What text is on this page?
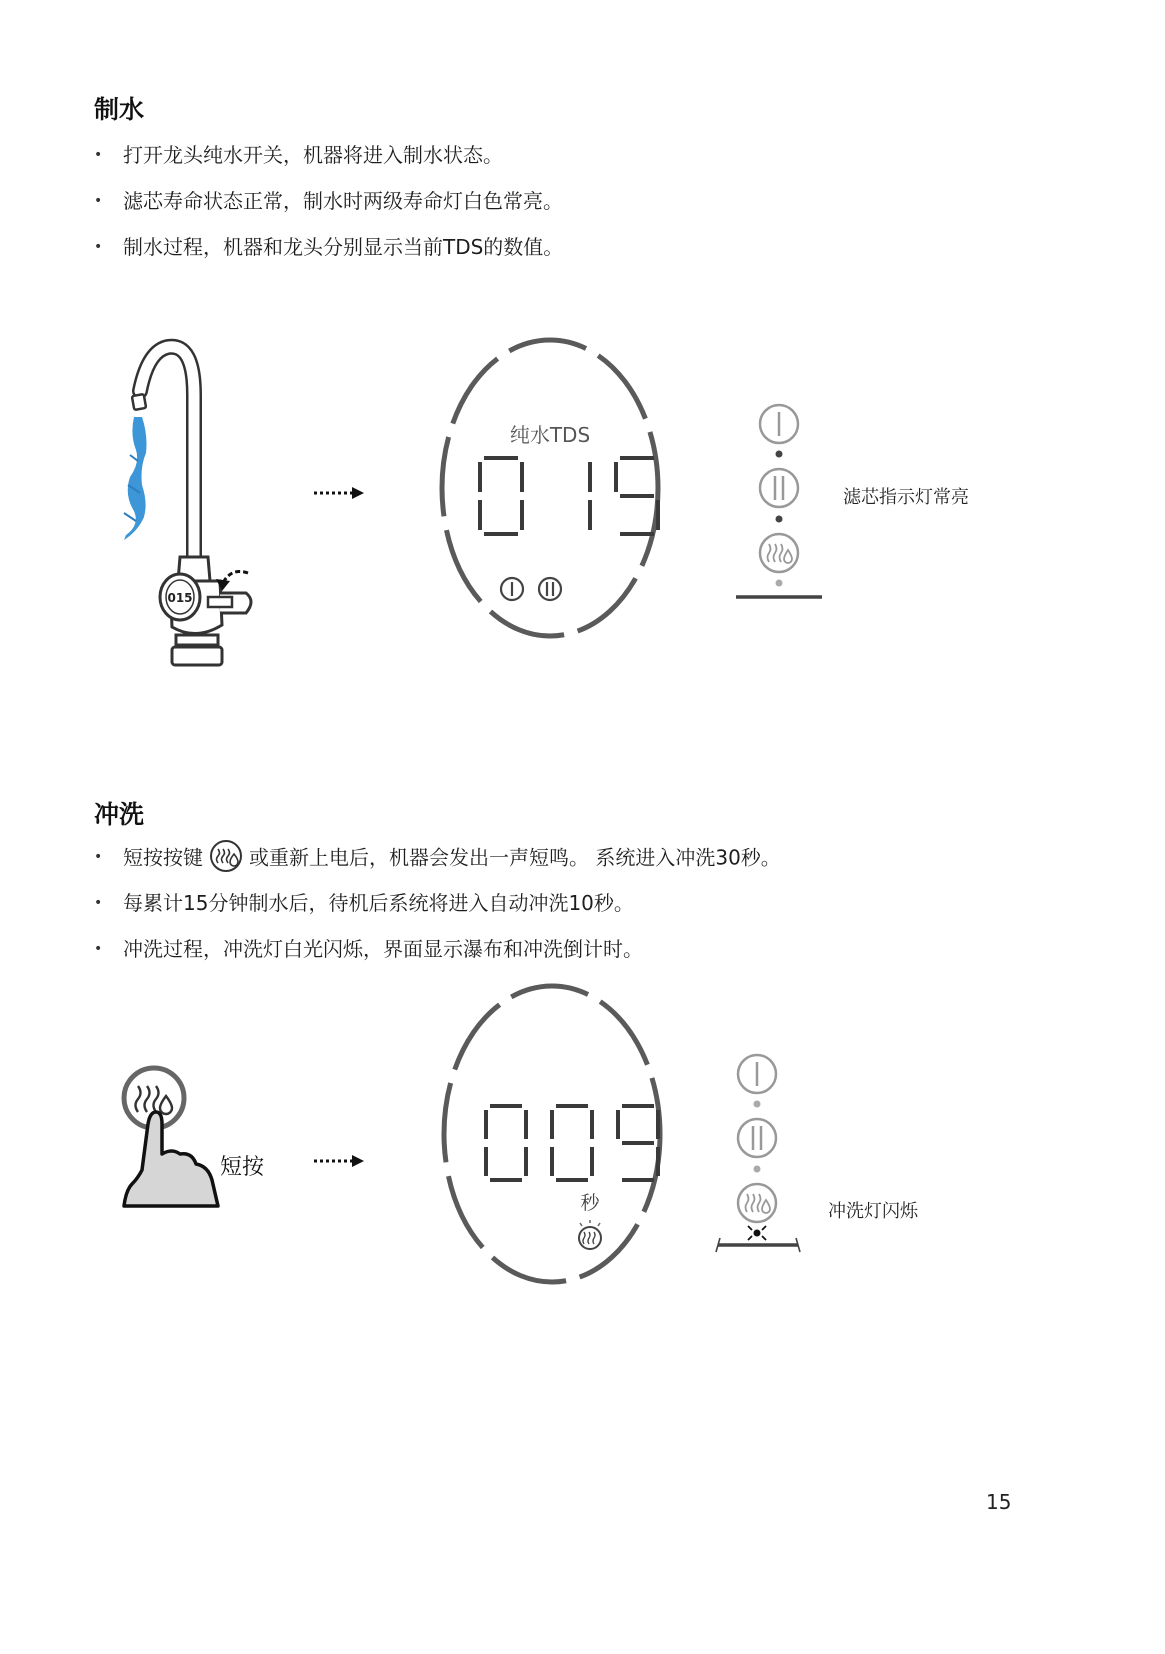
制水
• 打开龙头纯水开关，机器将进入制水状态。
• 滤芯寿命状态正常，制水时两级寿命灯白色常亮。
• 制水过程，机器和龙头分别显示当前TDS的数值。
015
纯水TDS
滤芯指示灯常亮
冲洗
• 短按按键 或重新上电后，机器会发出一声短鸣。 系统进入冲洗30秒。
• 每累计15分钟制水后，待机后系统将进入自动冲洗10秒。
• 冲洗过程，冲洗灯白光闪烁，界面显示瀑布和冲洗倒计时。
短按
秒	冲洗灯闪烁
15
